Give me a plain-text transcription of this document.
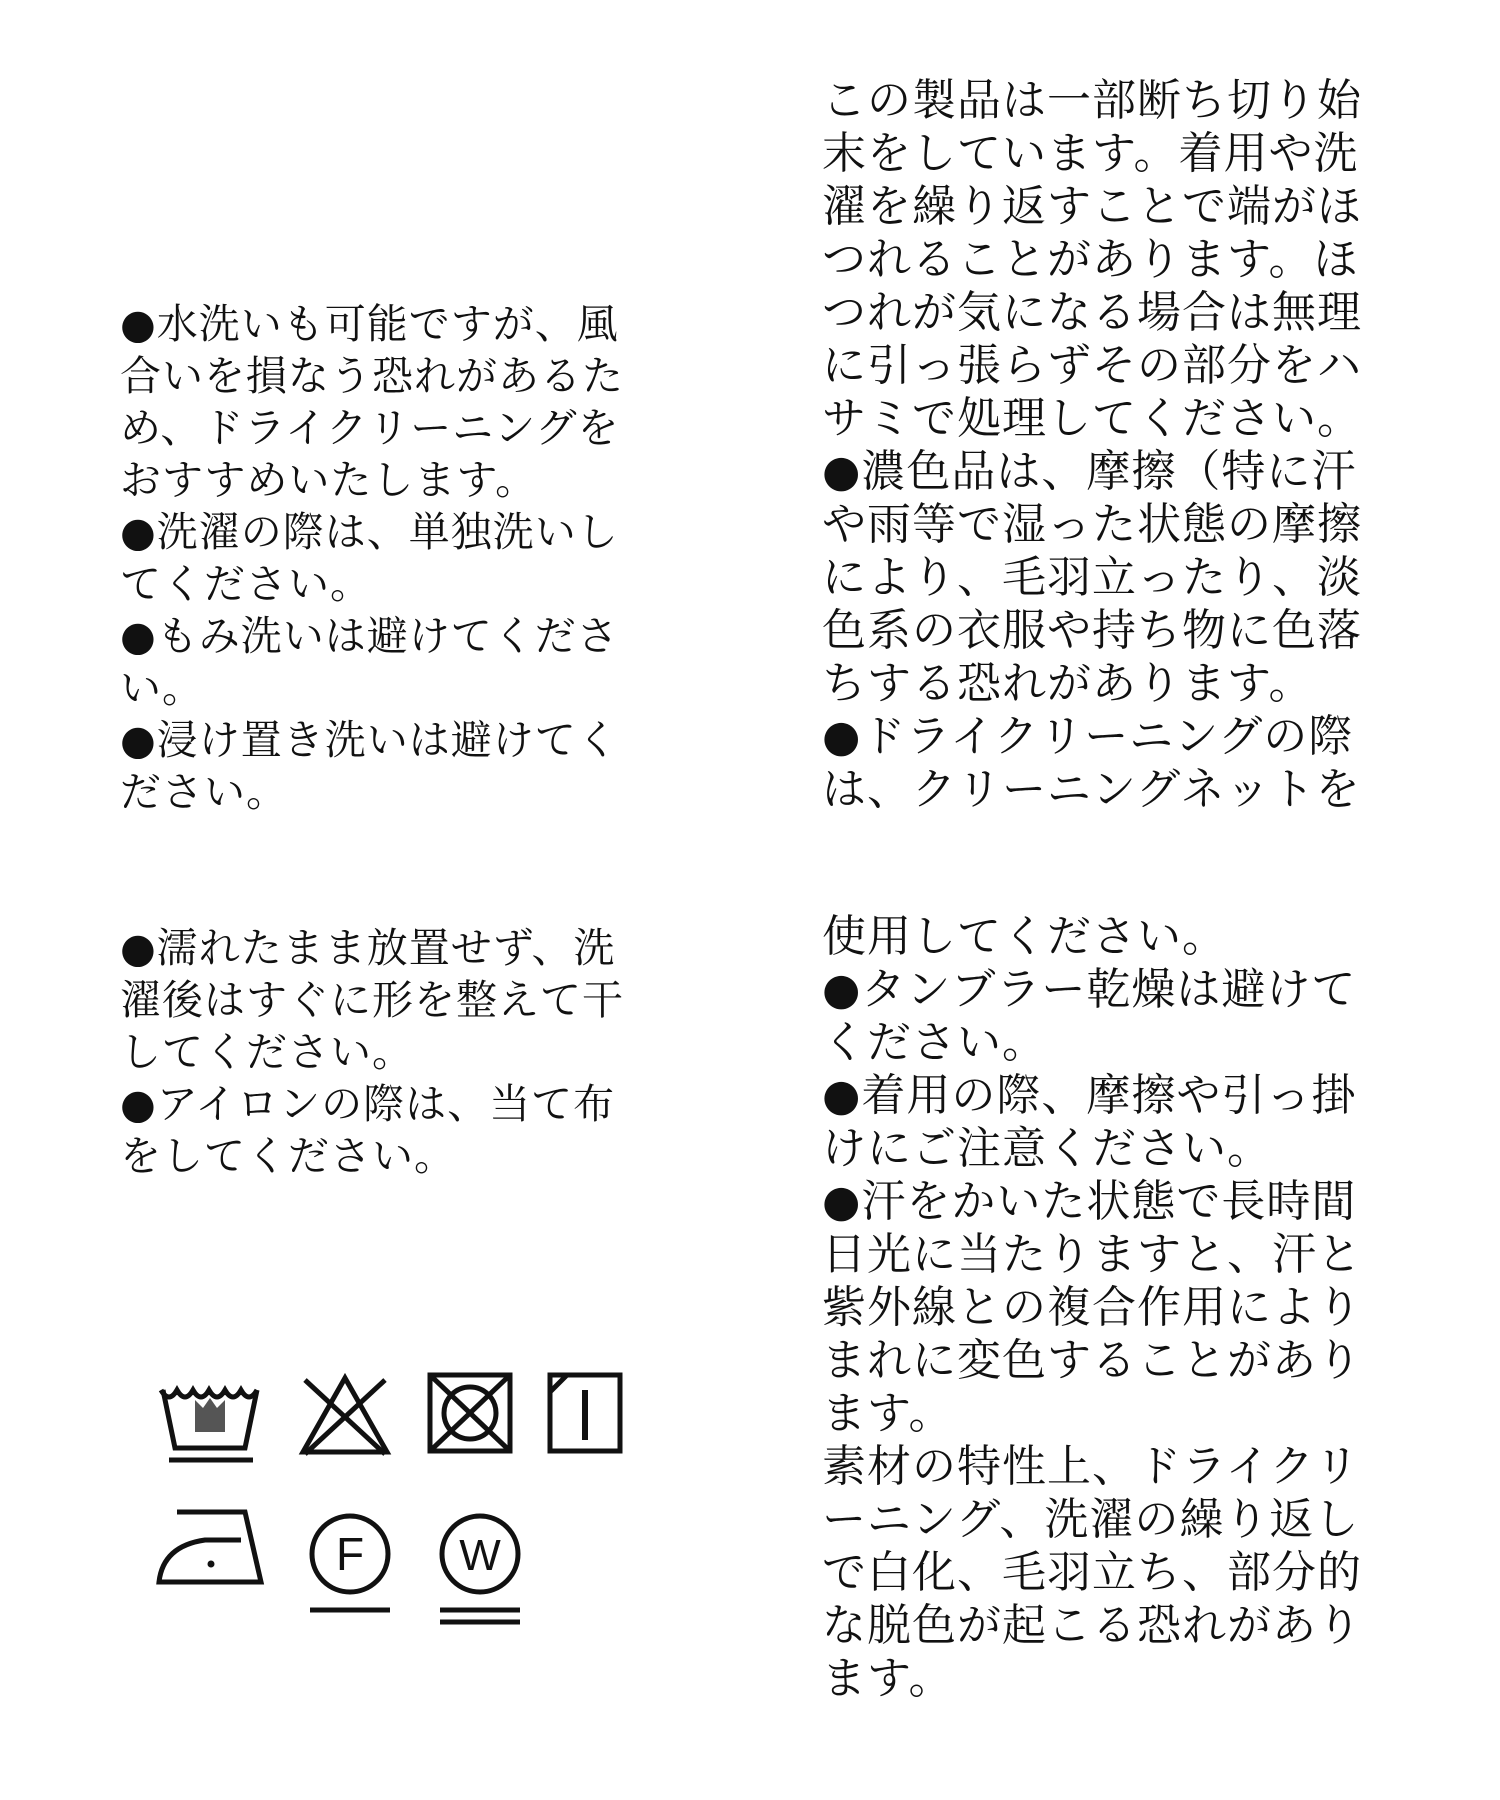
●水洗いも可能ですが、風
合いを損なう恐れがあるた
め、ドライクリーニングを
おすすめいたします。
●洗濯の際は、単独洗いし
てください。
●もみ洗いは避けてくださ
い。
●浸け置き洗いは避けてく
ださい。

●濡れたまま放置せず、洗
濯後はすぐに形を整えて干
してください。
●アイロンの際は、当て布
をしてください。

この製品は一部断ち切り始
末をしています。着用や洗
濯を繰り返すことで端がほ
つれることがあります。ほ
つれが気になる場合は無理
に引っ張らずその部分をハ
サミで処理してください。
●濃色品は、摩擦（特に汗
や雨等で湿った状態の摩擦
により、毛羽立ったり、淡
色系の衣服や持ち物に色落
ちする恐れがあります。
●ドライクリーニングの際
は、クリーニングネットを

使用してください。
●タンブラー乾燥は避けて
ください。
●着用の際、摩擦や引っ掛
けにご注意ください。
●汗をかいた状態で長時間
日光に当たりますと、汗と
紫外線との複合作用により
まれに変色することがあり
ます。
素材の特性上、ドライクリ
ーニング、洗濯の繰り返し
で白化、毛羽立ち、部分的
な脱色が起こる恐れがあり
ます。

F W
